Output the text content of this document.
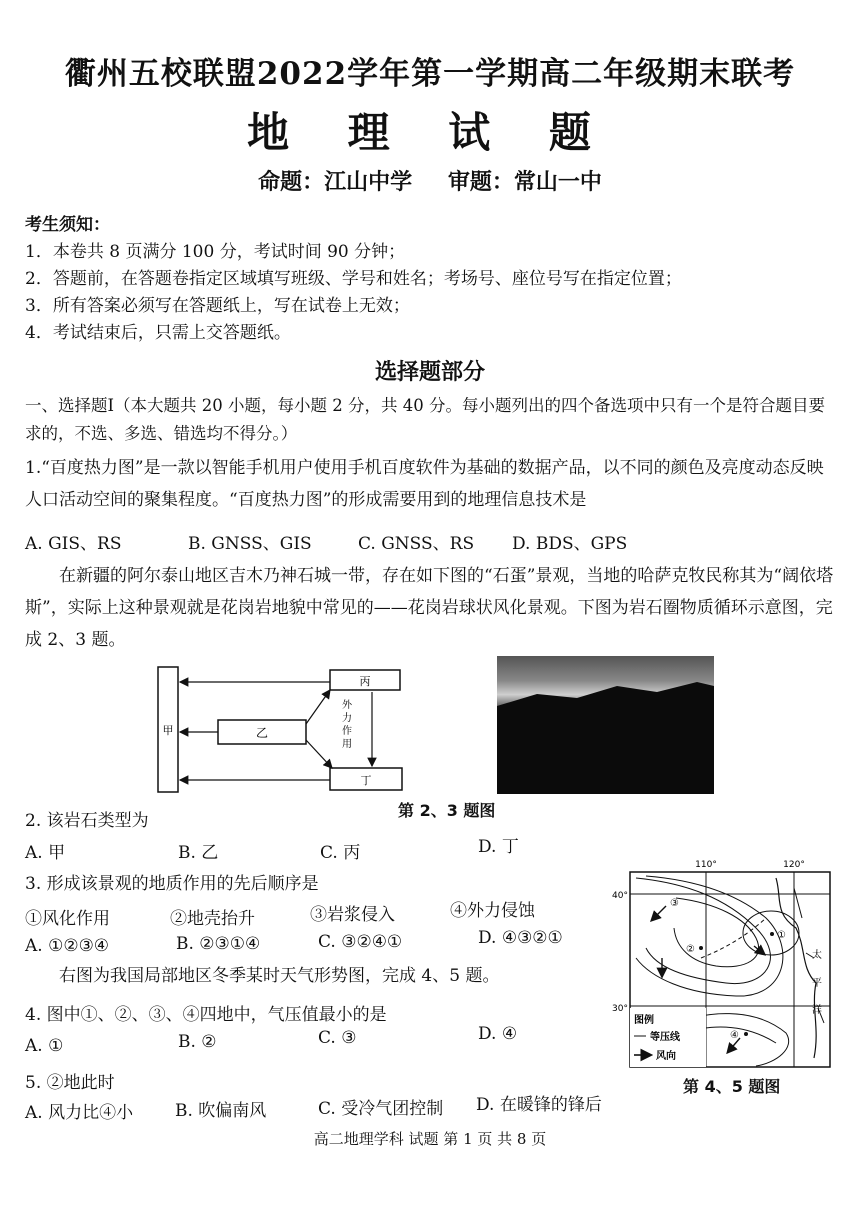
衢州五校联盟2022学年第一学期高二年级期末联考
地 理 试 题
命题：江山中学 审题：常山一中
考生须知：
1．本卷共 8 页满分 100 分，考试时间 90 分钟；
2．答题前，在答题卷指定区域填写班级、学号和姓名；考场号、座位号写在指定位置；
3．所有答案必须写在答题纸上，写在试卷上无效；
4．考试结束后，只需上交答题纸。
选择题部分
一、选择题Ⅰ（本大题共 20 小题，每小题 2 分，共 40 分。每小题列出的四个备选项中只有一个是符合题目要求的，不选、多选、错选均不得分。）
1.“百度热力图”是一款以智能手机用户使用手机百度软件为基础的数据产品，以不同的颜色及亮度动态反映人口活动空间的聚集程度。“百度热力图”的形成需要用到的地理信息技术是
A. GIS、RS	B. GNSS、GIS	C. GNSS、RS D. BDS、GPS
在新疆的阿尔泰山地区吉木乃神石城一带，存在如下图的“石蛋”景观，当地的哈萨克牧民称其为“阔依塔斯”，实际上这种景观就是花岗岩地貌中常见的——花岗岩球状风化景观。下图为岩石圈物质循环示意图，完成 2、3 题。
甲	乙
丙
丁
外力作用
第 2、3 题图
2. 该岩石类型为
A. 甲	B. 乙	C. 丙	D. 丁
3. 形成该景观的地质作用的先后顺序是
①风化作用	②地壳抬升	③岩浆侵入	④外力侵蚀
A. ①②③④	B. ②③①④	C. ③②④①	D. ④③②①
右图为我国局部地区冬季某时天气形势图，完成 4、5 题。
4. 图中①、②、③、④四地中，气压值最小的是
A. ①	B. ②	C. ③	D. ④
5. ②地此时
A. 风力比④小 B. 吹偏南风	C. 受冷气团控制 D. 在暖锋的锋后
110°	120°
40°
30°
①
②
③
④
太
平
洋
图例
等压线
风向
第 4、5 题图
高二地理学科 试题 第 1 页 共 8 页
